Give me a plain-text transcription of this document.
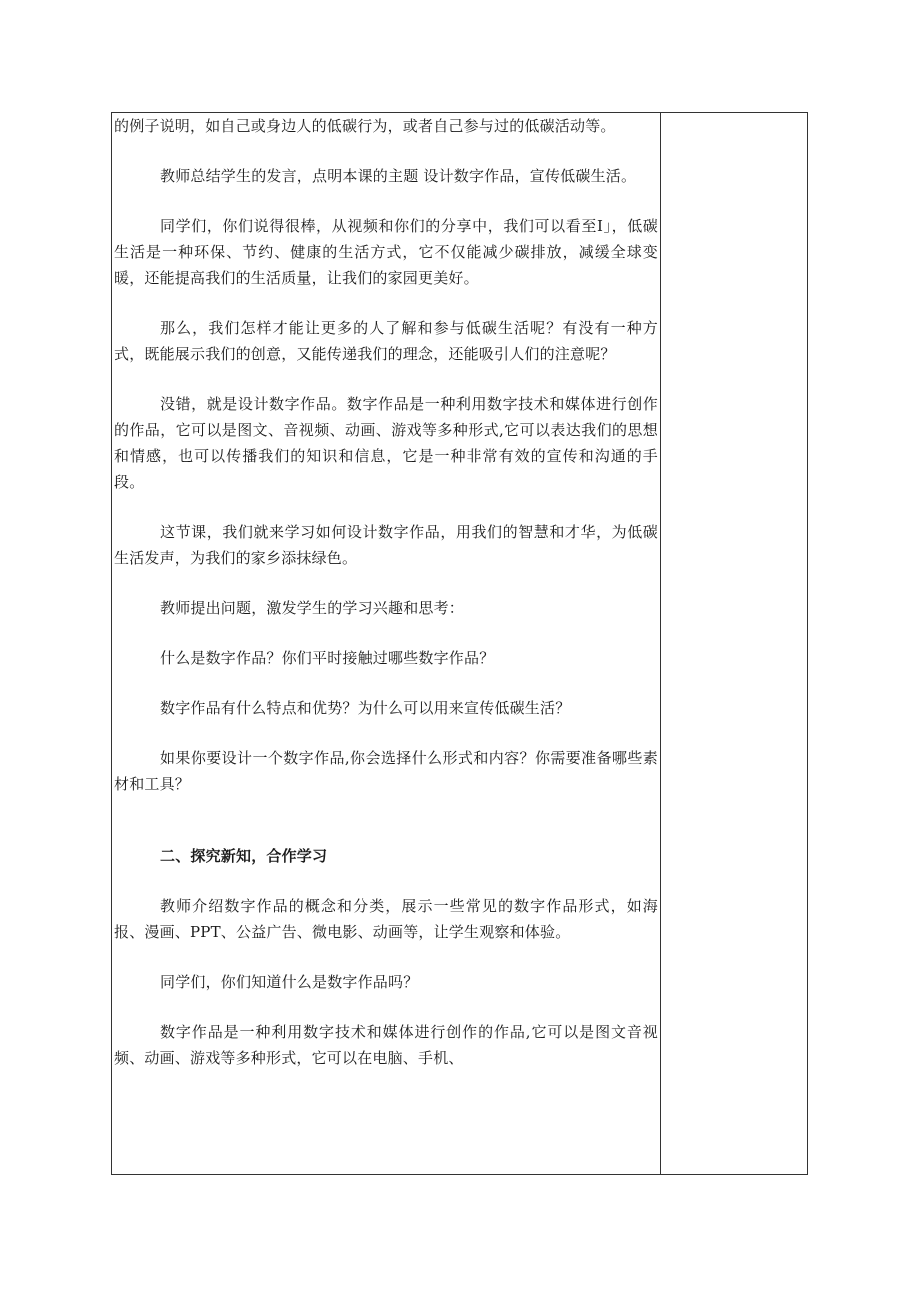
的例子说明，如自己或身边人的低碳行为，或者自己参与过的低碳活动等。

教师总结学生的发言，点明本课的主题 设计数字作品，宣传低碳生活。

同学们，你们说得很棒，从视频和你们的分享中，我们可以看至I」，低碳生活是一种环保、节约、健康的生活方式，它不仅能减少碳排放，减缓全球变暖，还能提高我们的生活质量，让我们的家园更美好。

那么，我们怎样才能让更多的人了解和参与低碳生活呢？有没有一种方式，既能展示我们的创意，又能传递我们的理念，还能吸引人们的注意呢？

没错，就是设计数字作品。数字作品是一种利用数字技术和媒体进行创作的作品，它可以是图文、音视频、动画、游戏等多种形式,它可以表达我们的思想和情感，也可以传播我们的知识和信息，它是一种非常有效的宣传和沟通的手段。

这节课，我们就来学习如何设计数字作品，用我们的智慧和才华，为低碳生活发声，为我们的家乡添抹绿色。

教师提出问题，激发学生的学习兴趣和思考：

什么是数字作品？你们平时接触过哪些数字作品？

数字作品有什么特点和优势？为什么可以用来宣传低碳生活？

如果你要设计一个数字作品,你会选择什么形式和内容？你需要准备哪些素材和工具？

二、探究新知，合作学习

教师介绍数字作品的概念和分类，展示一些常见的数字作品形式，如海报、漫画、PPT、公益广告、微电影、动画等，让学生观察和体验。

同学们，你们知道什么是数字作品吗？

数字作品是一种利用数字技术和媒体进行创作的作品,它可以是图文音视频、动画、游戏等多种形式，它可以在电脑、手机、
